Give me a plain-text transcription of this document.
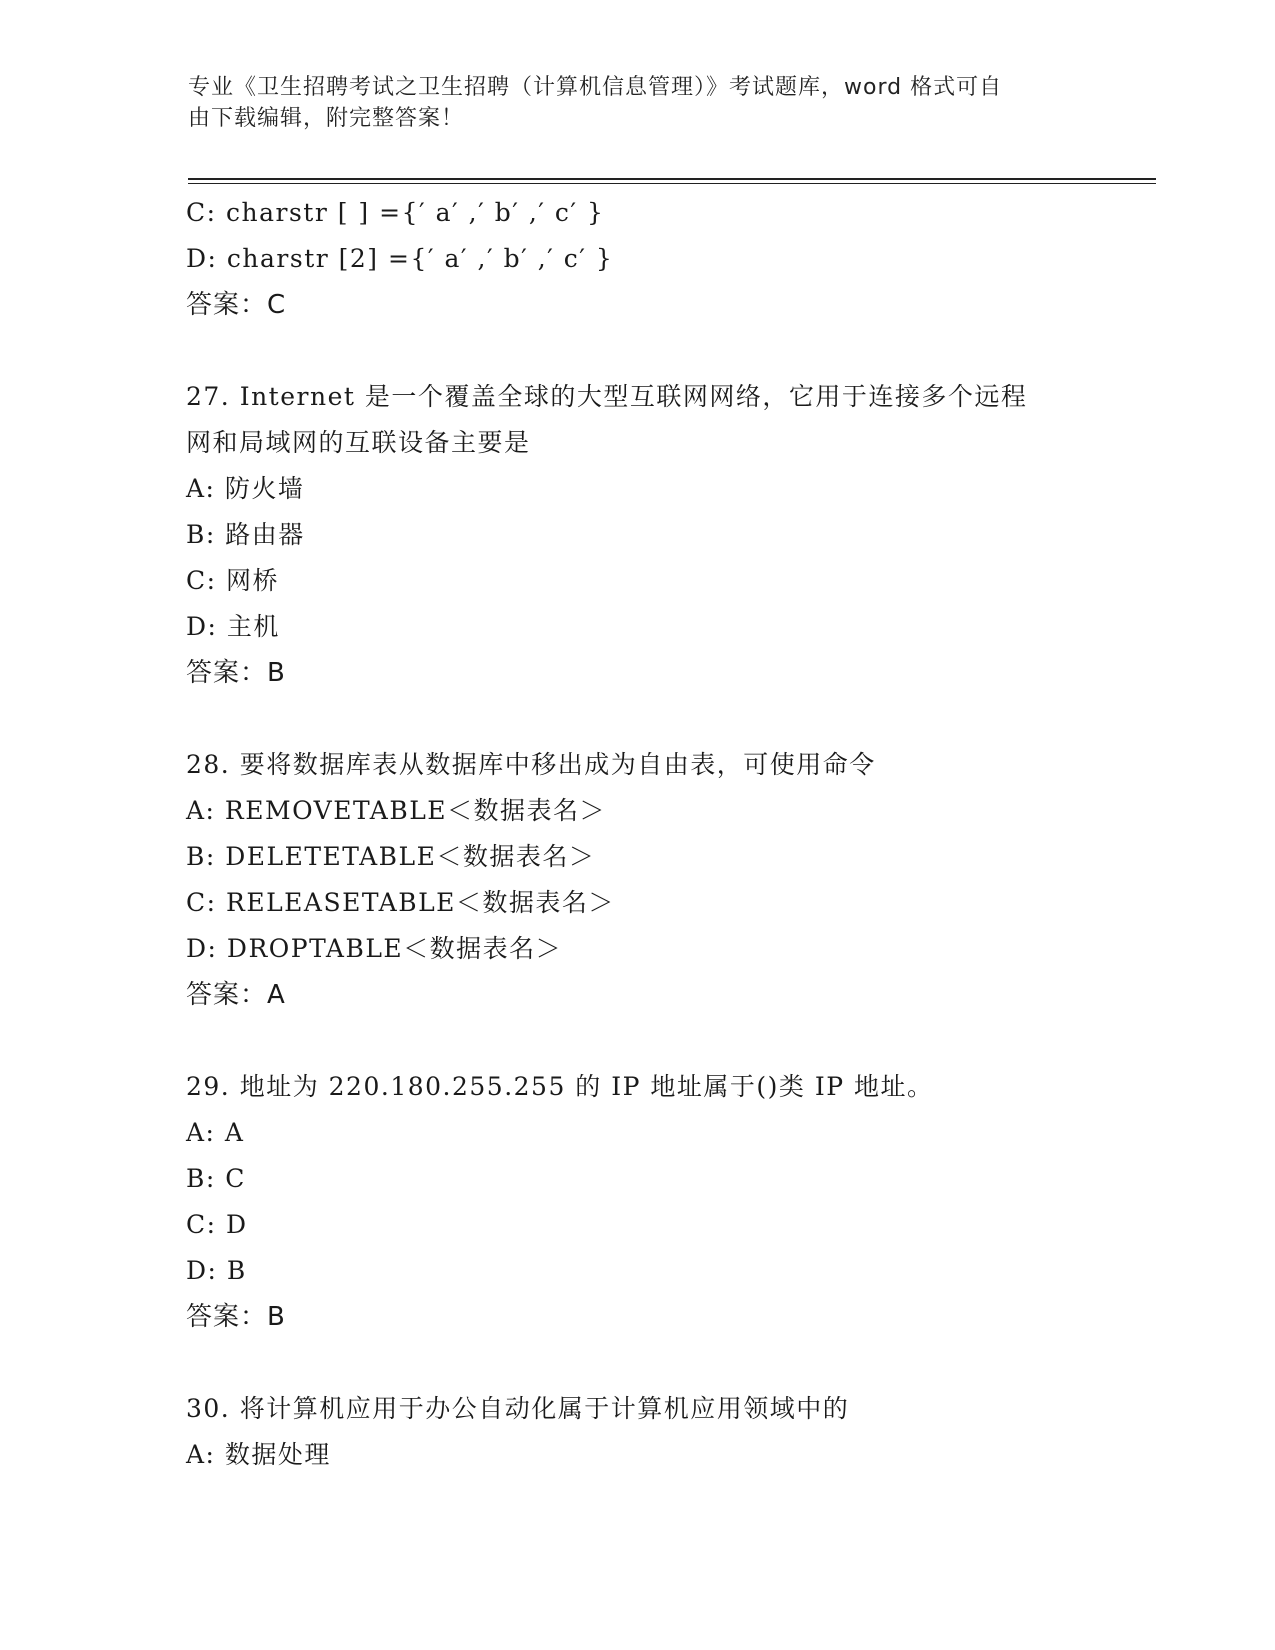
专业《卫生招聘考试之卫生招聘（计算机信息管理）》考试题库，word 格式可自
由下载编辑，附完整答案！
C: charstr [ ] ={′ a′ ,′ b′ ,′ c′ }
D: charstr [2] ={′ a′ ,′ b′ ,′ c′ }
答案：C
27. Internet 是一个覆盖全球的大型互联网网络，它用于连接多个远程
网和局域网的互联设备主要是
A: 防火墙
B: 路由器
C: 网桥
D: 主机
答案：B
28. 要将数据库表从数据库中移出成为自由表，可使用命令
A: REMOVETABLE＜数据表名＞
B: DELETETABLE＜数据表名＞
C: RELEASETABLE＜数据表名＞
D: DROPTABLE＜数据表名＞
答案：A
29. 地址为 220.180.255.255 的 IP 地址属于()类 IP 地址。
A: A
B: C
C: D
D: B
答案：B
30. 将计算机应用于办公自动化属于计算机应用领域中的
A: 数据处理
